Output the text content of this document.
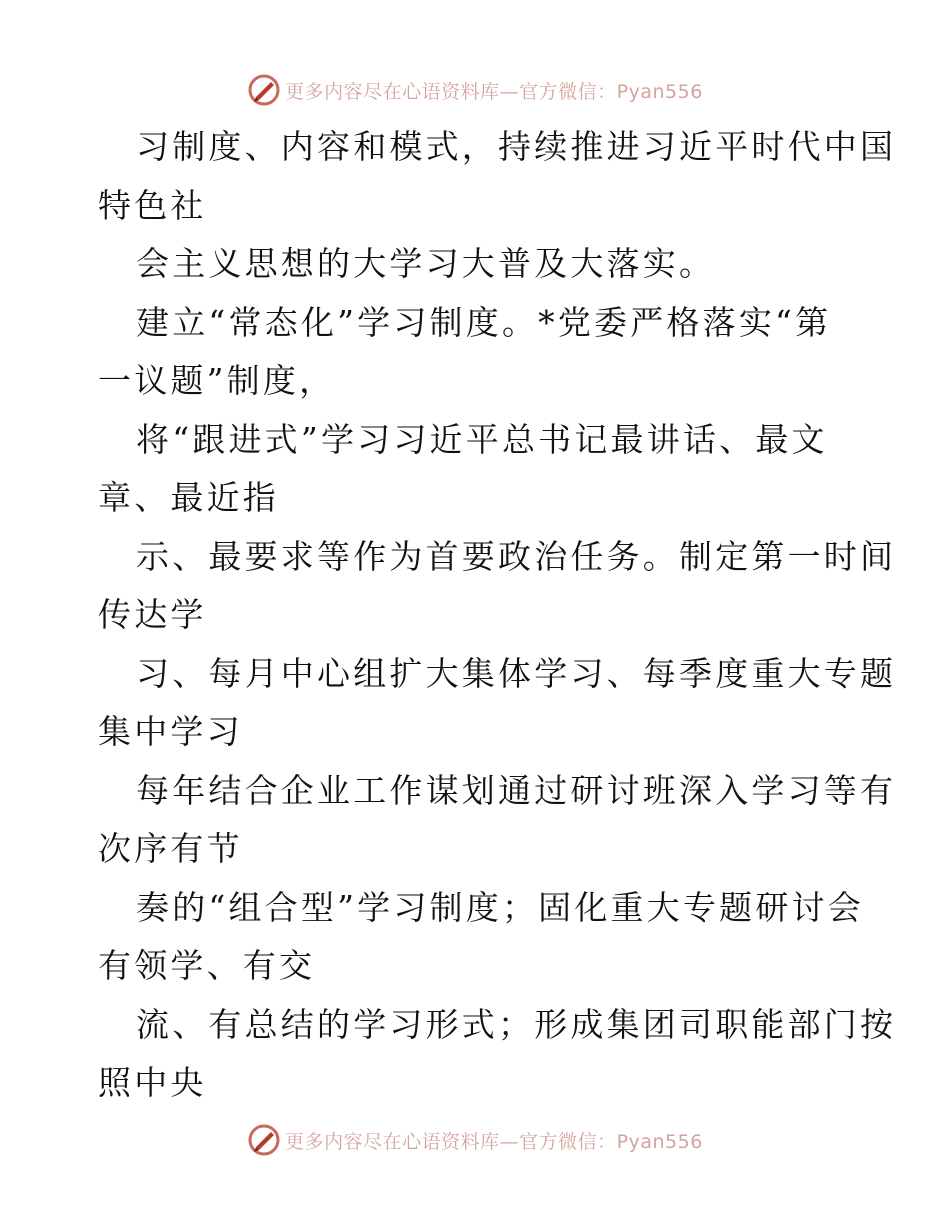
更多内容尽在心语资料库—官方微信：Pyan556

习制度、内容和模式，持续推进习近平时代中国
特色社

会主义思想的大学习大普及大落实。

建立“常态化”学习制度。*党委严格落实“第
一议题”制度，

将“跟进式”学习习近平总书记最讲话、最文
章、最近指

示、最要求等作为首要政治任务。制定第一时间
传达学

习、每月中心组扩大集体学习、每季度重大专题
集中学习

每年结合企业工作谋划通过研讨班深入学习等有
次序有节

奏的“组合型”学习制度；固化重大专题研讨会
有领学、有交

流、有总结的学习形式；形成集团司职能部门按
照中央

更多内容尽在心语资料库—官方微信：Pyan556
